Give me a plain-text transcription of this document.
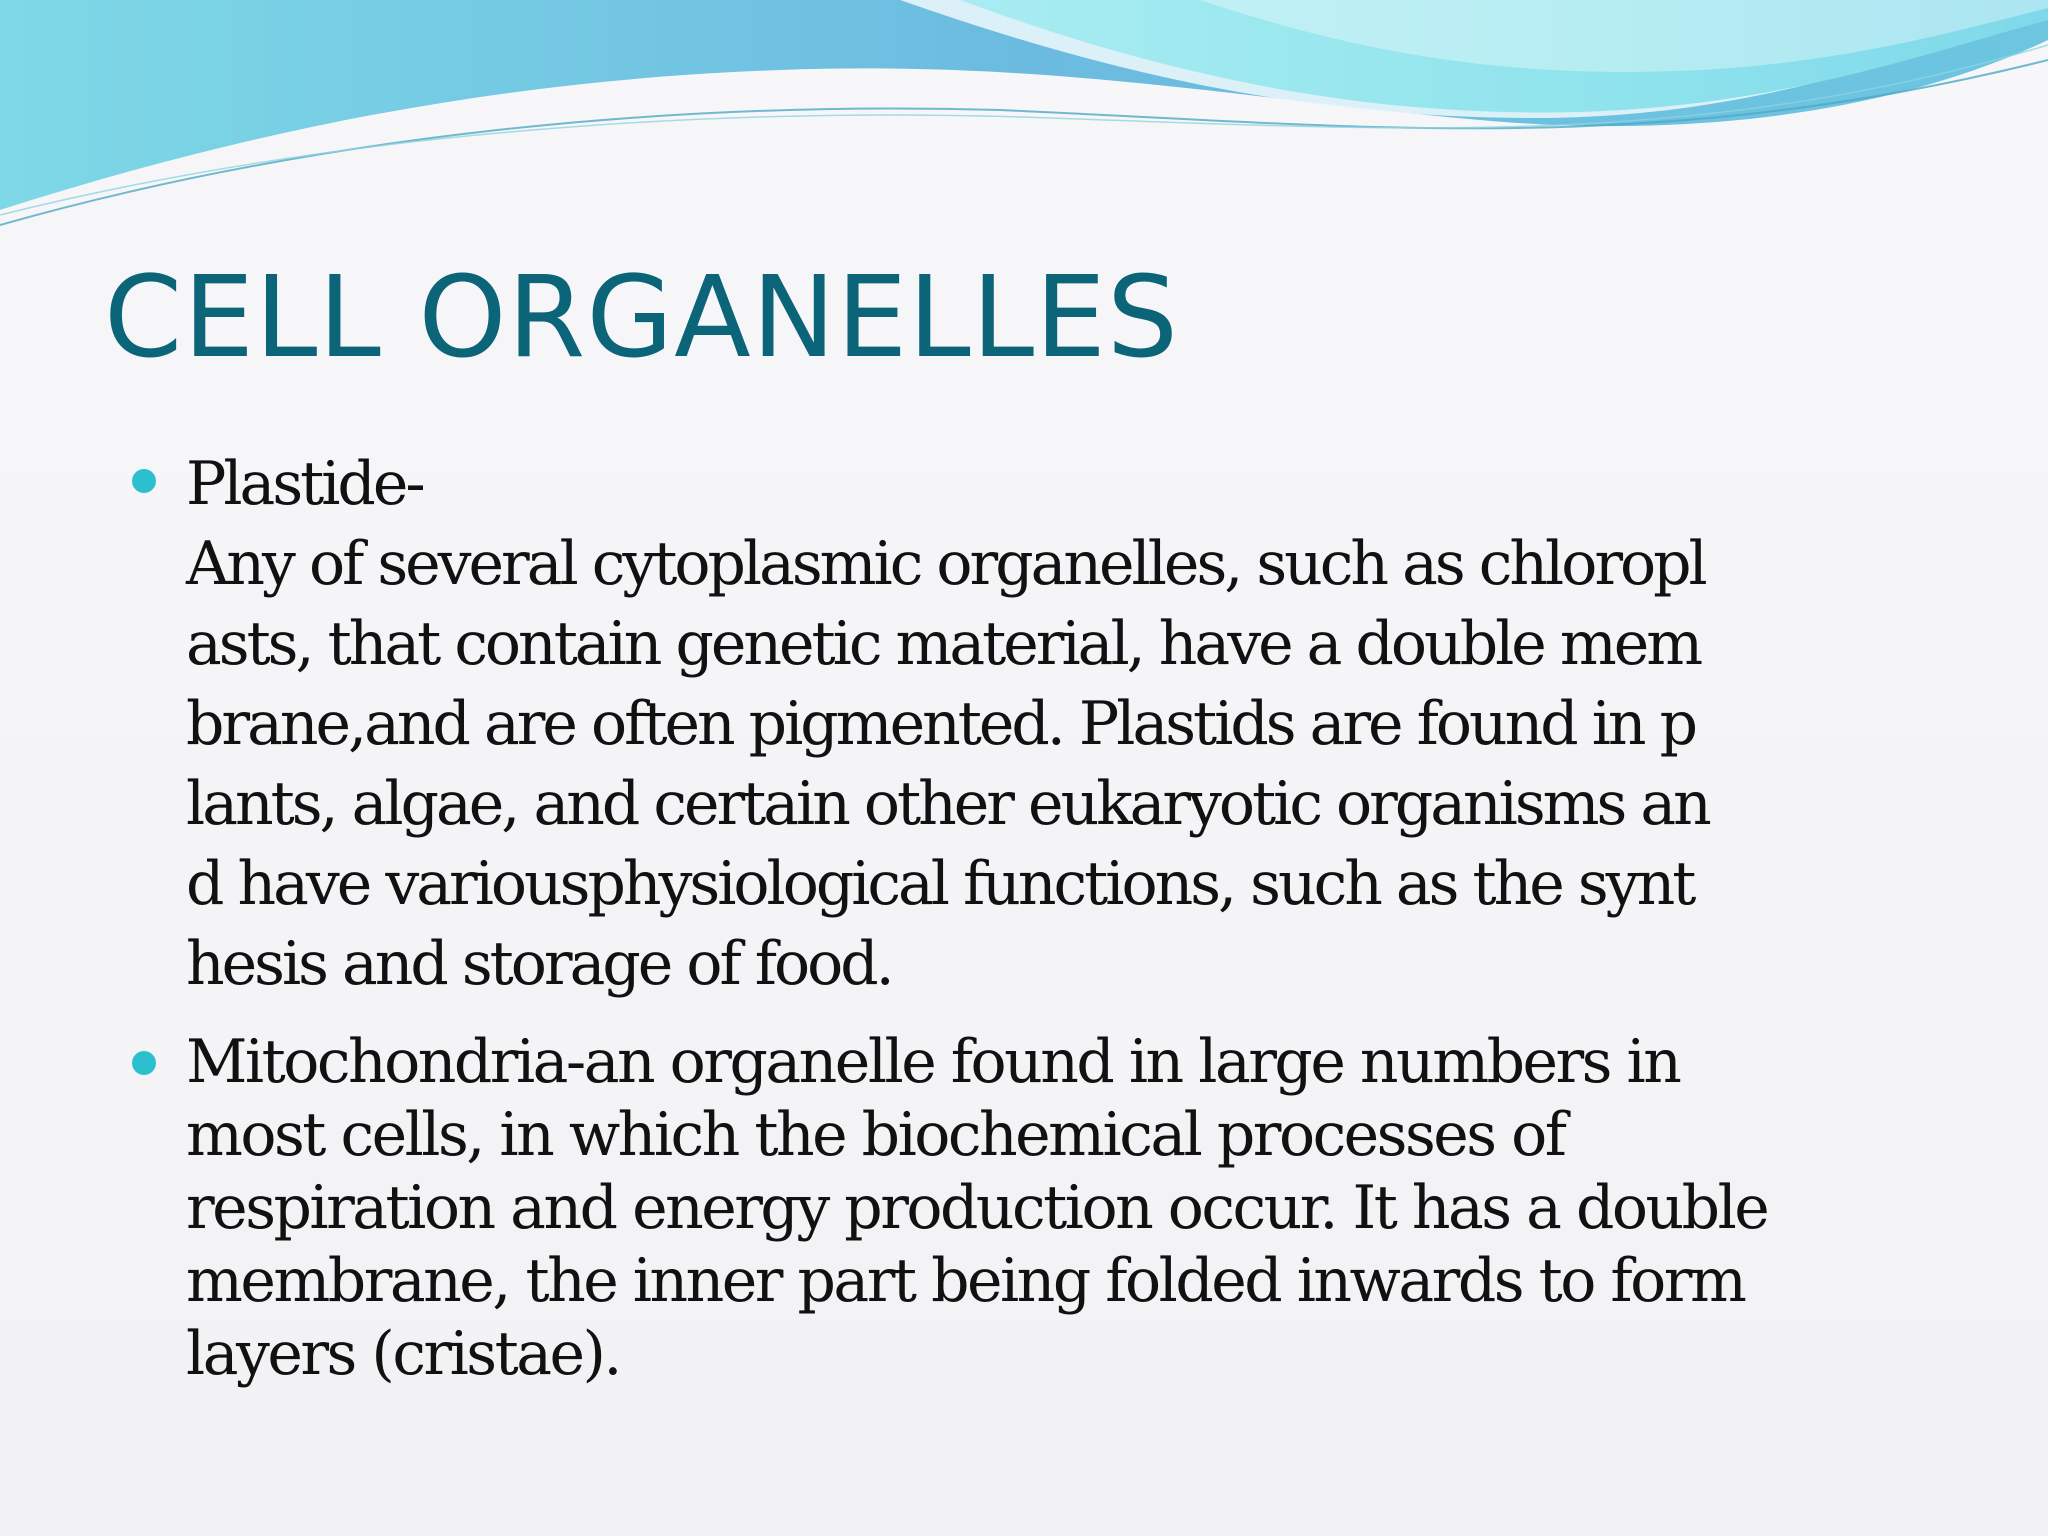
CELL ORGANELLES
Plastide-
Any of several cytoplasmic organelles, such as chloropl
asts, that contain genetic material, have a double mem
brane,and are often pigmented. Plastids are found in p
lants, algae, and certain other eukaryotic organisms an
d have variousphysiological functions, such as the synt
hesis and storage of food.
Mitochondria-an organelle found in large numbers in
most cells, in which the biochemical processes of
respiration and energy production occur. It has a double
membrane, the inner part being folded inwards to form
layers (cristae).
